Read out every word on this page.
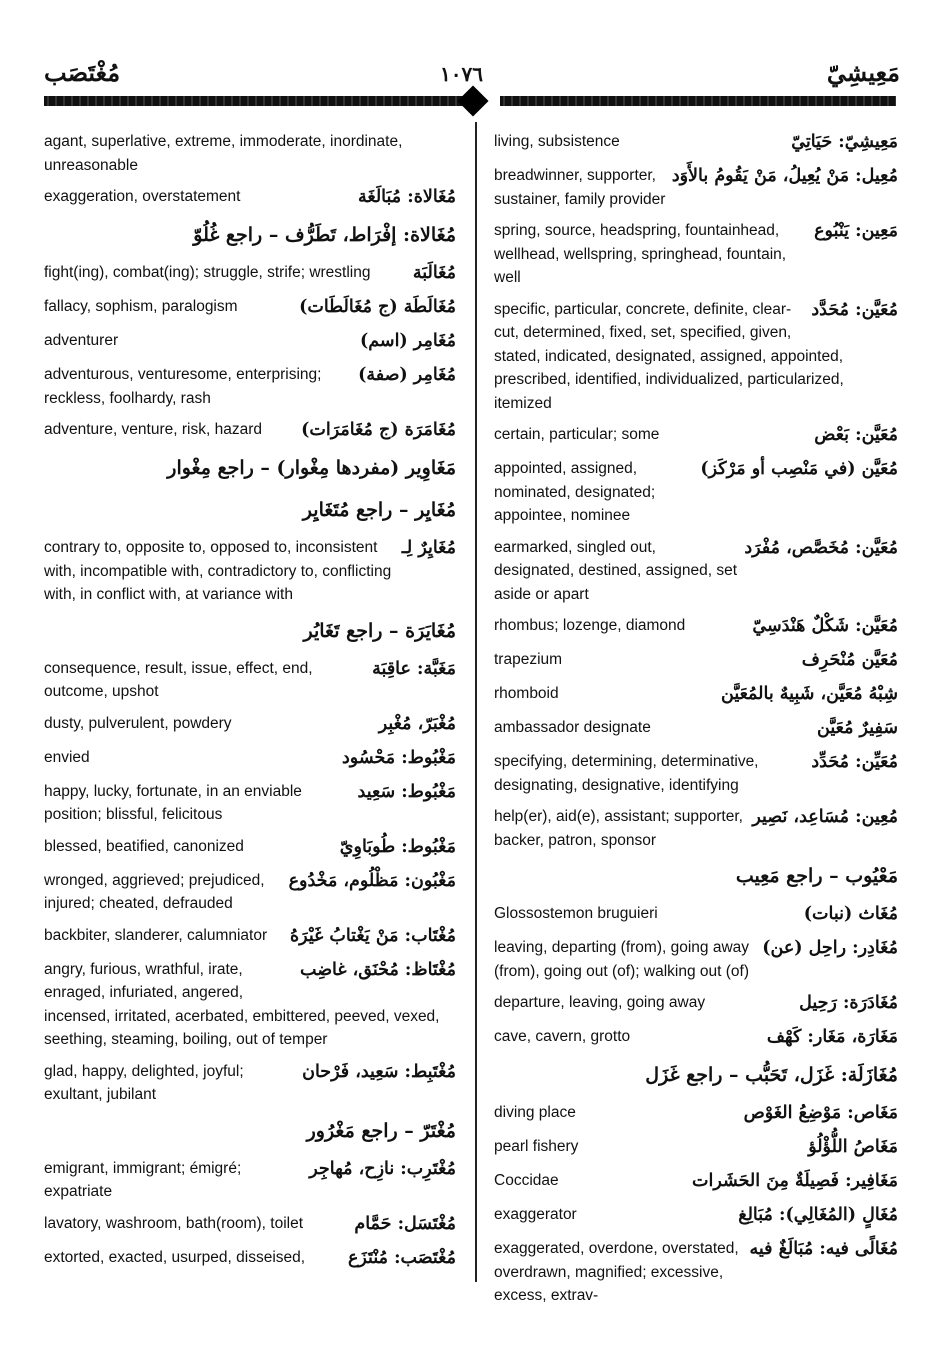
مُغْتَصَب	١٠٧٦	مَعِيشِيّ
agant, superlative, extreme, immoderate, inordinate, unreasonable
مُغَالاة: مُبَالَغَة
exaggeration, overstatement
مُغَالاة: إفْرَاط، تَطَرُّف – راجع غُلُوّ
مُغَالَبَة
fight(ing), combat(ing); struggle, strife; wrestling
مُغَالَطَة (ج مُغَالَطَات)
fallacy, sophism, paralogism
مُغَامِر (اسم)
adventurer
مُغَامِر (صفة)
adventurous, venturesome, enterprising; reckless, foolhardy, rash
مُغَامَرَة (ج مُغَامَرَات)
adventure, venture, risk, hazard
مَغَاوِير (مفردها مِغْوار) – راجع مِغْوار
مُغَايِر – راجع مُتَغَايِر
مُغَايِرٌ لِـ
contrary to, opposite to, opposed to, inconsistent with, incompatible with, contradictory to, conflicting with, in conflict with, at variance with
مُغَايَرَة – راجع تَغَايُر
مَغَبَّة: عاقِبَة
consequence, result, issue, effect, end, outcome, upshot
مُغْبَرّ، مُغْبِر
dusty, pulverulent, powdery
مَغْبُوط: مَحْسُود
envied
مَغْبُوط: سَعِيد
happy, lucky, fortunate, in an enviable position; blissful, felicitous
مَغْبُوط: طُوبَاوِيّ
blessed, beatified, canonized
مَغْبُون: مَظْلُوم، مَخْدُوع
wronged, aggrieved; prejudiced, injured; cheated, defrauded
مُغْتَاب: مَنْ يَغْتابُ غَيْرَهُ
backbiter, slanderer, calumniator
مُغْتَاظ: مُحْنَق، غاضِب
angry, furious, wrathful, irate, enraged, infuriated, angered, incensed, irritated, acerbated, embittered, peeved, vexed, seething, steaming, boiling, out of temper
مُغْتَبِط: سَعِيد، فَرْحان
glad, happy, delighted, joyful; exultant, jubilant
مُغْتَرّ – راجع مَغْرُور
مُغْتَرِب: نازِح، مُهاجِر
emigrant, immigrant; émigré; expatriate
مُغْتَسَل: حَمَّام
lavatory, washroom, bath(room), toilet
مُغْتَصَب: مُنْتَزَع
extorted, exacted, usurped, disseised,
مَعِيشِيّ: حَيَاتِيّ
living, subsistence
مُعِيل: مَنْ يُعِيلُ، مَنْ يَقُومُ بالأَوَد
breadwinner, supporter, sustainer, family provider
مَعِين: يَنْبُوع
spring, source, headspring, fountainhead, wellhead, wellspring, springhead, fountain, well
مُعَيَّن: مُحَدَّد
specific, particular, concrete, definite, clear-cut, determined, fixed, set, specified, given, stated, indicated, designated, assigned, appointed, prescribed, identified, individualized, particularized, itemized
مُعَيَّن: بَعْض
certain, particular; some
مُعَيَّن (في مَنْصِب أو مَرْكَز)
appointed, assigned, nominated, designated; appointee, nominee
مُعَيَّن: مُخَصَّص، مُفْرَد
earmarked, singled out, designated, destined, assigned, set aside or apart
مُعَيَّن: شَكْلٌ هَنْدَسِيّ
rhombus; lozenge, diamond
مُعَيَّن مُنْحَرِف
trapezium
شِبْهُ مُعَيَّن، شَبِيهٌ بالمُعَيَّن
rhomboid
سَفِيرٌ مُعَيَّن
ambassador designate
مُعَيِّن: مُحَدِّد
specifying, determining, determinative, designating, designative, identifying
مُعِين: مُسَاعِد، نَصِير
help(er), aid(e), assistant; supporter, backer, patron, sponsor
مَعْيُوب – راجع مَعِيب
مُغَاث (نبات)
Glossostemon bruguieri
مُغَادِر: راحِل (عن)
leaving, departing (from), going away (from), going out (of); walking out (of)
مُغَادَرَة: رَحِيل
departure, leaving, going away
مَغَارَة، مَغَار: كَهْف
cave, cavern, grotto
مُغَازَلَة: غَزَل، تَحَبُّب – راجع غَزَل
مَغَاص: مَوْضِعُ الغَوْص
diving place
مَغَاصُ اللُّؤْلُؤ
pearl fishery
مَغَافِير: فَصِيلَةٌ مِنَ الحَشَرات
Coccidae
مُغَالٍ (المُغَالِي): مُبَالِغ
exaggerator
مُغَالًى فيه: مُبَالَغٌ فيه
exaggerated, overdone, overstated, overdrawn, magnified; excessive, excess, extrav-
